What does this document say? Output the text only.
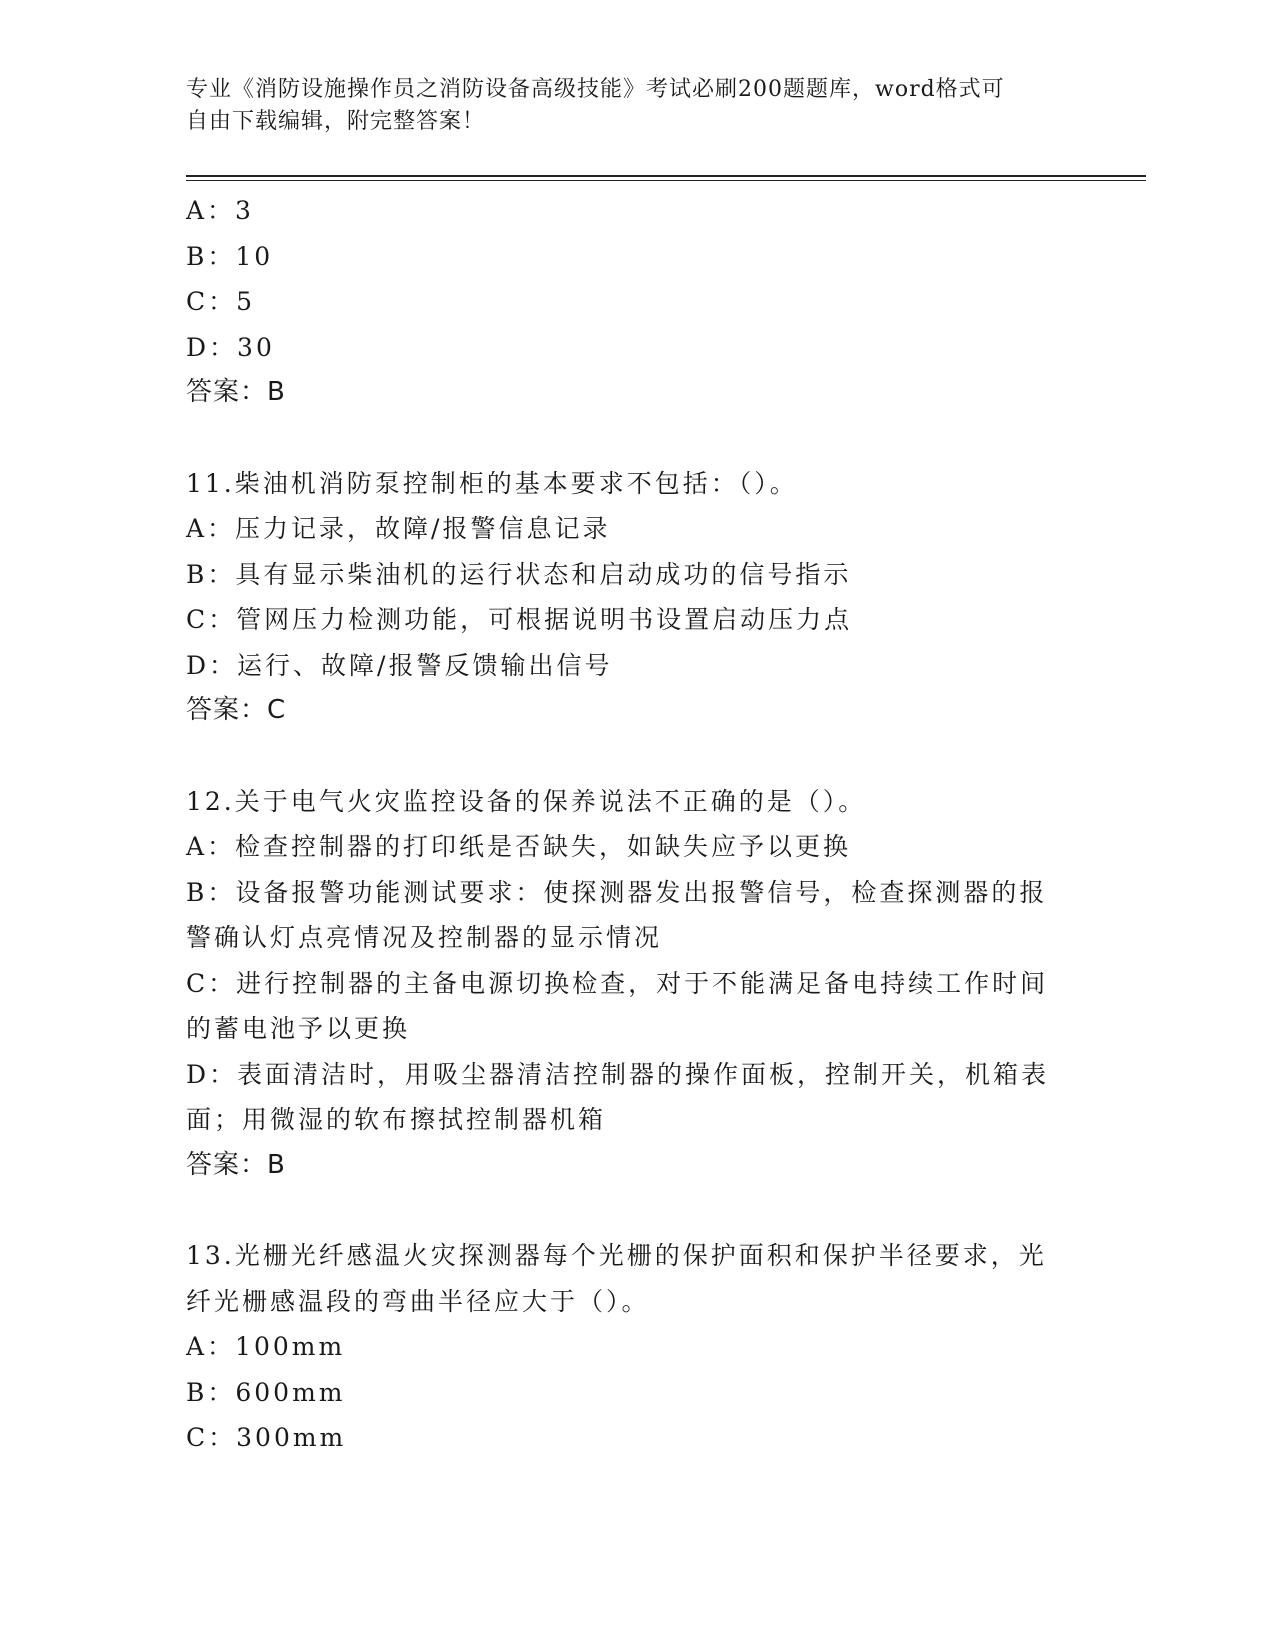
专业《消防设施操作员之消防设备高级技能》考试必刷200题题库，word格式可
自由下载编辑，附完整答案！
A：3
B：10
C：5
D：30
答案：B
11.柴油机消防泵控制柜的基本要求不包括：（）。
A：压力记录，故障/报警信息记录
B：具有显示柴油机的运行状态和启动成功的信号指示
C：管网压力检测功能，可根据说明书设置启动压力点
D：运行、故障/报警反馈输出信号
答案：C
12.关于电气火灾监控设备的保养说法不正确的是（）。
A：检查控制器的打印纸是否缺失，如缺失应予以更换
B：设备报警功能测试要求：使探测器发出报警信号，检查探测器的报警确认灯点亮情况及控制器的显示情况
C：进行控制器的主备电源切换检查，对于不能满足备电持续工作时间的蓄电池予以更换
D：表面清洁时，用吸尘器清洁控制器的操作面板，控制开关，机箱表面；用微湿的软布擦拭控制器机箱
答案：B
13.光栅光纤感温火灾探测器每个光栅的保护面积和保护半径要求，光纤光栅感温段的弯曲半径应大于（）。
A：100mm
B：600mm
C：300mm
